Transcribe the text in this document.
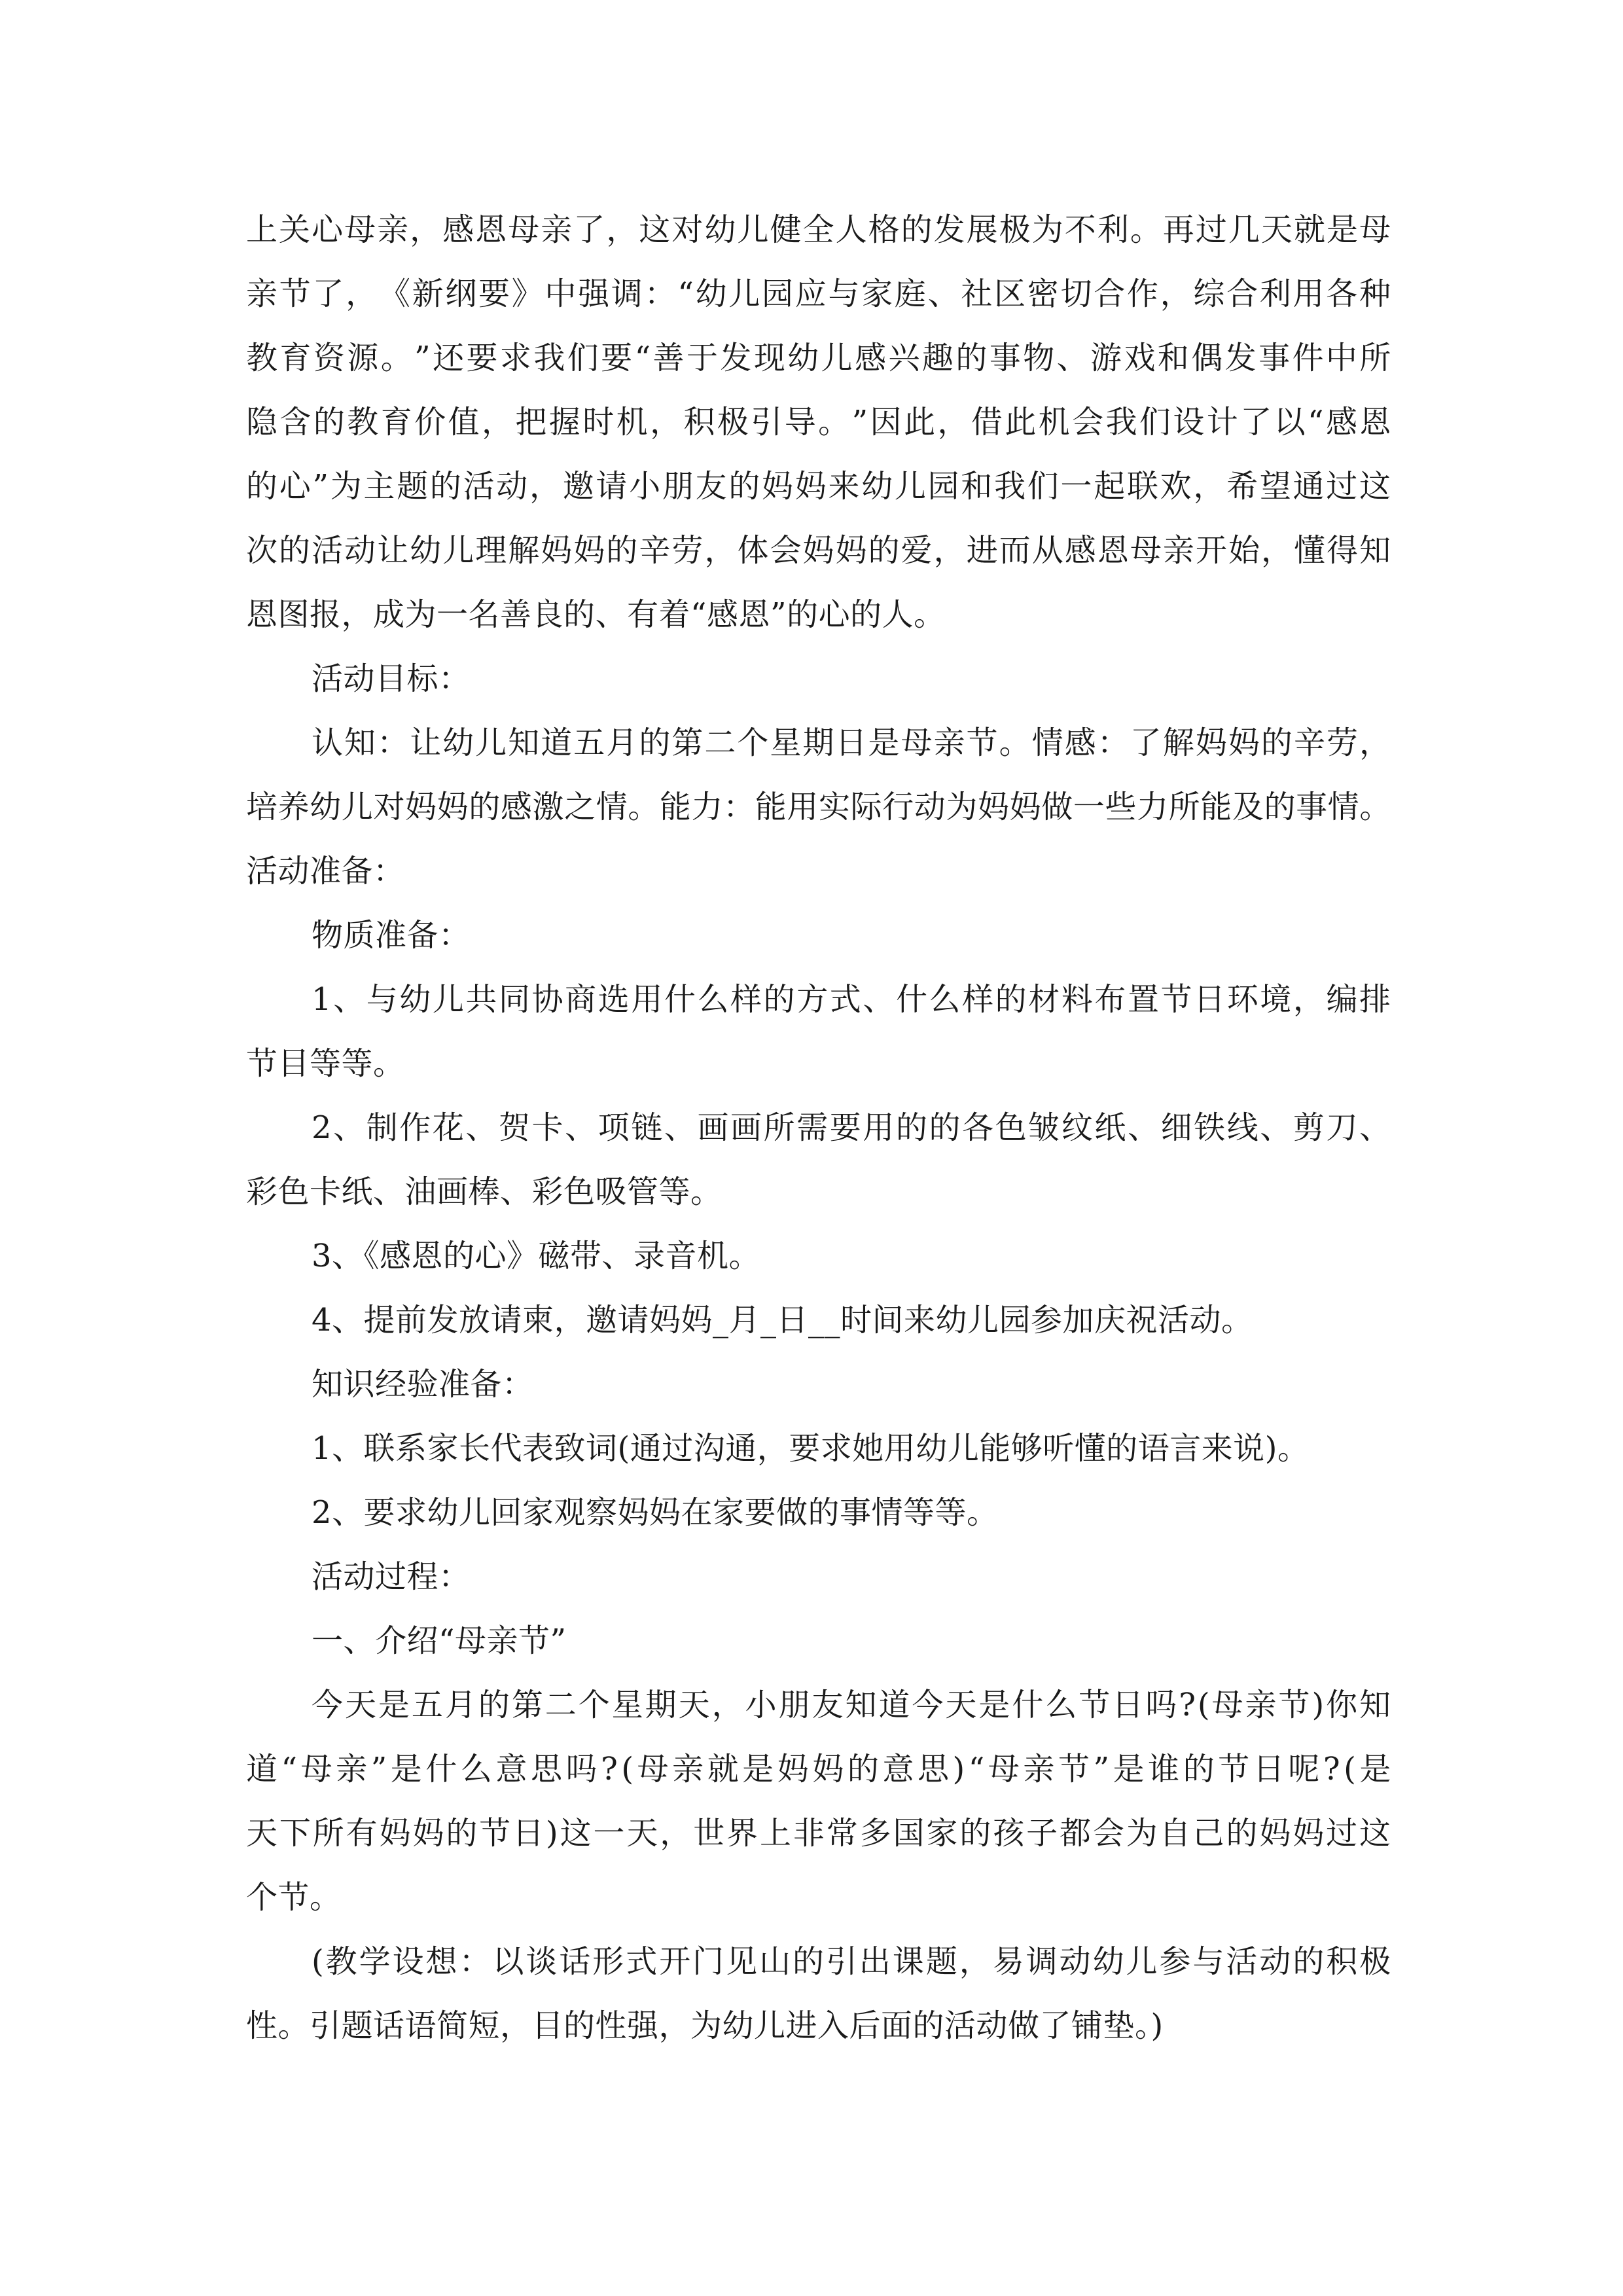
上 关 心 母 亲 ， 感 恩 母 亲 了 ， 这 对 幼 儿 健 全 人 格 的 发 展 极 为 不 利 。 再 过 几 天 就 是 母
亲 节 了 ， 《 新 纲 要 》 中 强 调 ： “ 幼 儿 园 应 与 家 庭 、 社 区 密 切 合 作 ， 综 合 利 用 各 种
教 育 资 源 。 ” 还 要 求 我 们 要 “ 善 于 发 现 幼 儿 感 兴 趣 的 事 物 、 游 戏 和 偶 发 事 件 中 所
隐 含 的 教 育 价 值 ， 把 握 时 机 ， 积 极 引 导 。 ” 因 此 ， 借 此 机 会 我 们 设 计 了 以 “ 感 恩
的 心 ” 为 主 题 的 活 动 ， 邀 请 小 朋 友 的 妈 妈 来 幼 儿 园 和 我 们 一 起 联 欢 ， 希 望 通 过 这
次 的 活 动 让 幼 儿 理 解 妈 妈 的 辛 劳 ， 体 会 妈 妈 的 爱 ， 进 而 从 感 恩 母 亲 开 始 ， 懂 得 知
恩图报，成为一名善良的、有着“感恩”的心的人。
活动目标：
认 知 ： 让 幼 儿 知 道 五 月 的 第 二 个 星 期 日 是 母 亲 节 。 情 感 ： 了 解 妈 妈 的 辛 劳 ，
培 养 幼 儿 对 妈 妈 的 感 激 之 情 。 能 力 ： 能 用 实 际 行 动 为 妈 妈 做 一 些 力 所 能 及 的 事 情 。
活动准备：
物质准备：
1 、 与 幼 儿 共 同 协 商 选 用 什 么 样 的 方 式 、 什 么 样 的 材 料 布 置 节 日 环 境 ， 编 排
节目等等。
2 、 制 作 花 、 贺 卡 、 项 链 、 画 画 所 需 要 用 的 的 各 色 皱 纹 纸 、 细 铁 线 、 剪 刀 、
彩色卡纸、油画棒、彩色吸管等。
3、《感恩的心》磁带、录音机。
4、提前发放请柬，邀请妈妈_月_日__时间来幼儿园参加庆祝活动。
知识经验准备：
1、联系家长代表致词(通过沟通，要求她用幼儿能够听懂的语言来说)。
2、要求幼儿回家观察妈妈在家要做的事情等等。
活动过程：
一、介绍“母亲节”
今 天 是 五 月 的 第 二 个 星 期 天 ， 小 朋 友 知 道 今 天 是 什 么 节 日 吗 ? ( 母 亲 节 ) 你 知
道 “ 母 亲 ” 是 什 么 意 思 吗 ? ( 母 亲 就 是 妈 妈 的 意 思 ) “ 母 亲 节 ” 是 谁 的 节 日 呢 ? ( 是
天 下 所 有 妈 妈 的 节 日 ) 这 一 天 ， 世 界 上 非 常 多 国 家 的 孩 子 都 会 为 自 己 的 妈 妈 过 这
个节。
( 教 学 设 想 ： 以 谈 话 形 式 开 门 见 山 的 引 出 课 题 ， 易 调 动 幼 儿 参 与 活 动 的 积 极
性。引题话语简短，目的性强，为幼儿进入后面的活动做了铺垫。)
